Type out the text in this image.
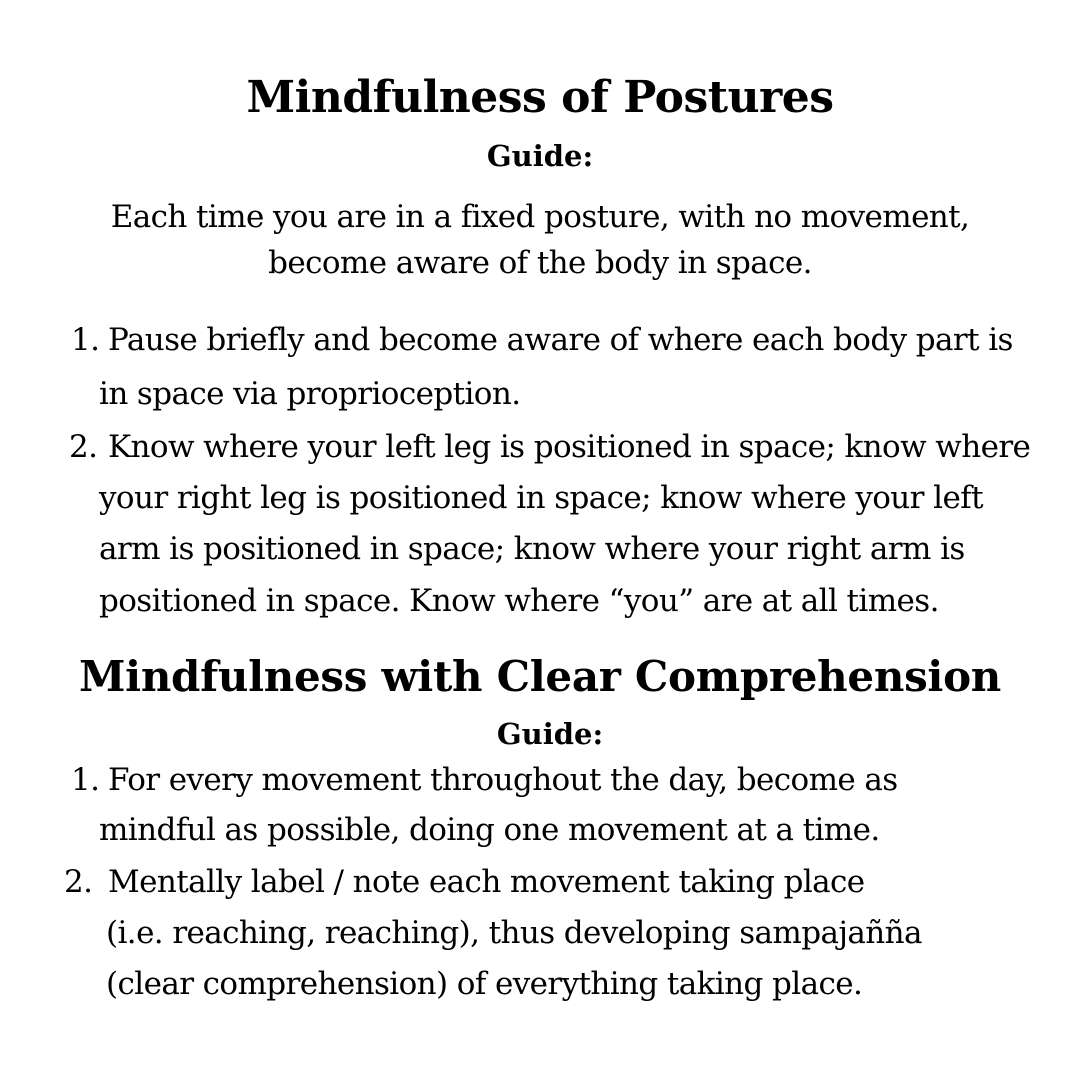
Mindfulness of Postures
Guide:

Each time you are in a fixed posture, with no movement,
become aware of the body in space.

1. Pause briefly and become aware of where each body part is
in space via proprioception.
2. Know where your left leg is positioned in space; know where
your right leg is positioned in space; know where your left
arm is positioned in space; know where your right arm is
positioned in space. Know where “you” are at all times.
Mindfulness with Clear Comprehension
Guide:
1. For every movement throughout the day, become as
mindful as possible, doing one movement at a time.
2. Mentally label / note each movement taking place
(i.e. reaching, reaching), thus developing sampajañña
(clear comprehension) of everything taking place.
